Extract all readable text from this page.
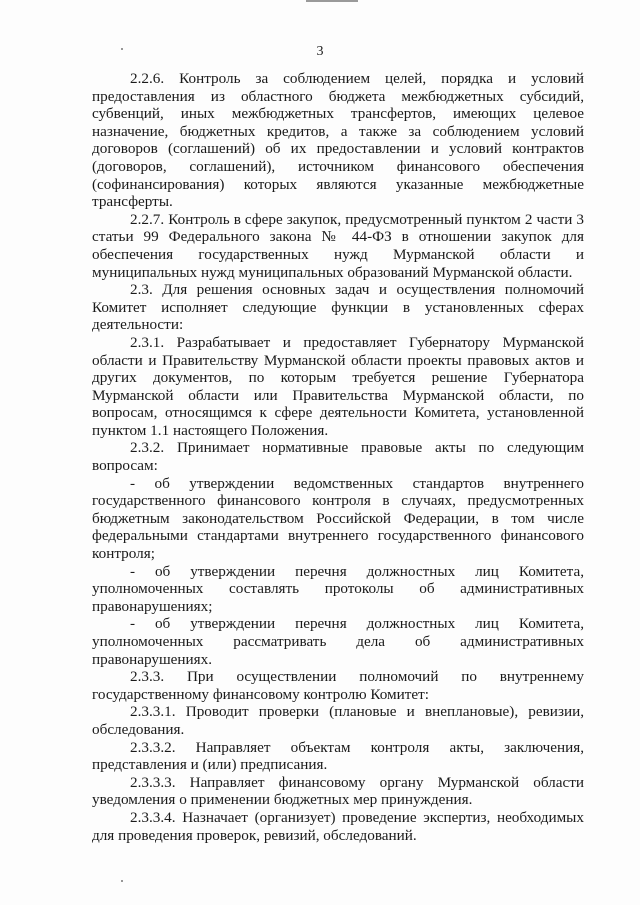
3

2.2.6. Контроль за соблюдением целей, порядка и условий предоставления из областного бюджета межбюджетных субсидий, субвенций, иных межбюджетных трансфертов, имеющих целевое назначение, бюджетных кредитов, а также за соблюдением условий договоров (соглашений) об их предоставлении и условий контрактов (договоров, соглашений), источником финансового обеспечения (софинансирования) которых являются указанные межбюджетные трансферты.

2.2.7. Контроль в сфере закупок, предусмотренный пунктом 2 части 3 статьи 99 Федерального закона № 44-ФЗ в отношении закупок для обеспечения государственных нужд Мурманской области и муниципальных нужд муниципальных образований Мурманской области.

2.3. Для решения основных задач и осуществления полномочий Комитет исполняет следующие функции в установленных сферах деятельности:

2.3.1. Разрабатывает и предоставляет Губернатору Мурманской области и Правительству Мурманской области проекты правовых актов и других документов, по которым требуется решение Губернатора Мурманской области или Правительства Мурманской области, по вопросам, относящимся к сфере деятельности Комитета, установленной пунктом 1.1 настоящего Положения.

2.3.2. Принимает нормативные правовые акты по следующим вопросам:

- об утверждении ведомственных стандартов внутреннего государственного финансового контроля в случаях, предусмотренных бюджетным законодательством Российской Федерации, в том числе федеральными стандартами внутреннего государственного финансового контроля;

- об утверждении перечня должностных лиц Комитета, уполномоченных составлять протоколы об административных правонарушениях;

- об утверждении перечня должностных лиц Комитета, уполномоченных рассматривать дела об административных правонарушениях.

2.3.3. При осуществлении полномочий по внутреннему государственному финансовому контролю Комитет:

2.3.3.1. Проводит проверки (плановые и внеплановые), ревизии, обследования.

2.3.3.2. Направляет объектам контроля акты, заключения, представления и (или) предписания.

2.3.3.3. Направляет финансовому органу Мурманской области уведомления о применении бюджетных мер принуждения.

2.3.3.4. Назначает (организует) проведение экспертиз, необходимых для проведения проверок, ревизий, обследований.
